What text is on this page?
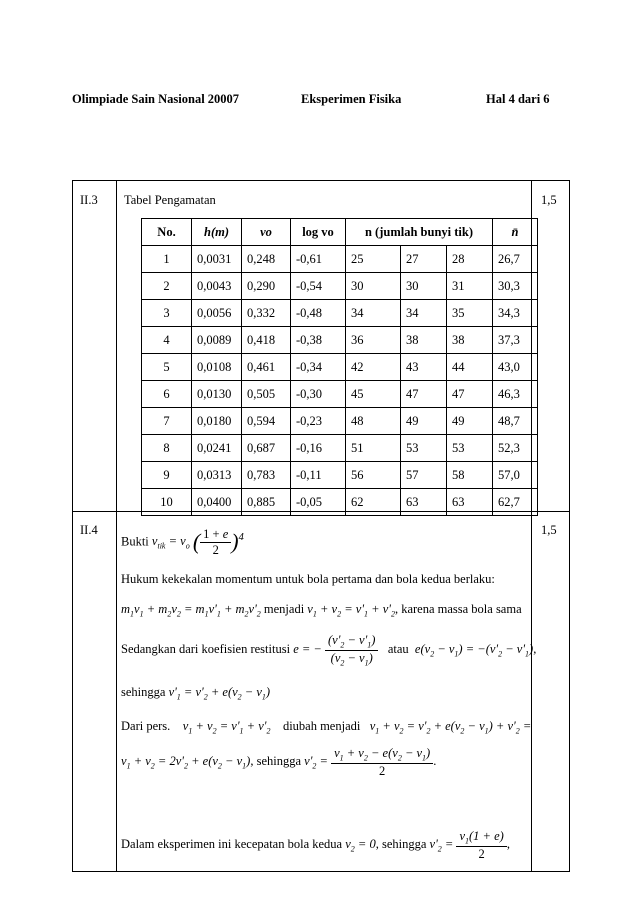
Olimpiade Sain Nasional 20007	Eksperimen Fisika	Hal 4 dari 6
II.3 Tabel Pengamatan	1,5
No.	h(m)	vo	log vo	n (jumlah bunyi tik)			n̄
1	0,0031	0,248	-0,61	25	27	28	26,7
2	0,0043	0,290	-0,54	30	30	31	30,3
3	0,0056	0,332	-0,48	34	34	35	34,3
4	0,0089	0,418	-0,38	36	38	38	37,3
5	0,0108	0,461	-0,34	42	43	44	43,0
6	0,0130	0,505	-0,30	45	47	47	46,3
7	0,0180	0,594	-0,23	48	49	49	48,7
8	0,0241	0,687	-0,16	51	53	53	52,3
9	0,0313	0,783	-0,11	56	57	58	57,0
10	0,0400	0,885	-0,05	62	63	63	62,7
II.4	1,5
Bukti $v_{tik} = v_o$ ( $\frac{1 + e}{2} )^4$
Hukum kekekalan momentum untuk bola pertama dan bola kedua berlaku:
$m_1v_1 + m_2v_2 = m_1v'_1 + m_2v'_2$ menjadi $v_1 + v_2 = v'_1 + v'_2$, karena massa bola sama
Sedangkan dari koefisien restitusi e = − $\frac{(v'_2 - v'_1)}{(v_2 - v_1)}$ atau $e(v_2 - v_1) = -(v'_2 - v'_1)$,
sehingga $v'_1 = v'_2 + e(v_2 - v_1)$
Dari pers. $v_1 + v_2 = v'_1 + v'_2$ diubah menjadi $v_1 + v_2 = v'_2 + e(v_2 - v_1) + v'_2$ =
$v_1 + v_2 = 2v'_2 + e(v_2 - v_1)$, sehingga $v'_2 = \frac{v_1 + v_2 - e(v_2 - v_1)}{2}$ .
Dalam eksperimen ini kecepatan bola kedua $v_2 = 0$, sehingga $v'_2 = \frac{v_1(1 + e)}{2}$ ,
